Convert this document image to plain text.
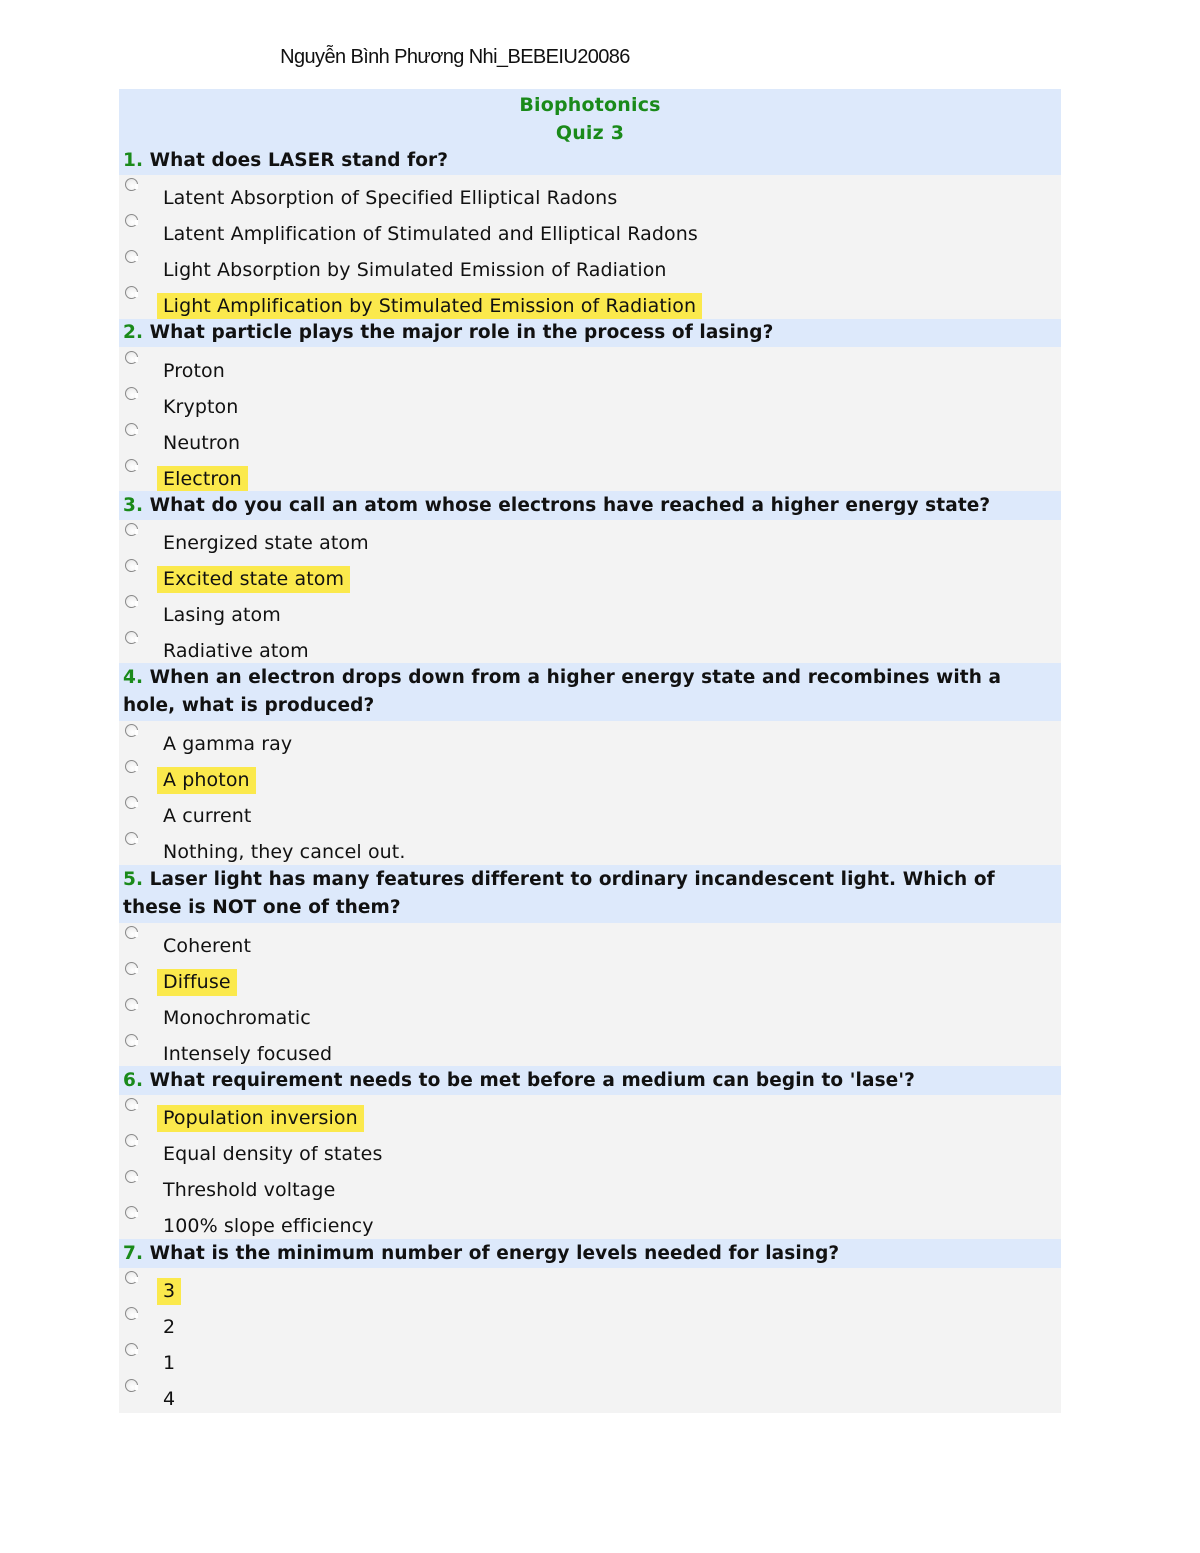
Nguyễn Bình Phương Nhi_BEBEIU20086
Biophotonics
Quiz 3
1. What does LASER stand for?
Latent Absorption of Specified Elliptical Radons
Latent Amplification of Stimulated and Elliptical Radons
Light Absorption by Simulated Emission of Radiation
Light Amplification by Stimulated Emission of Radiation
2. What particle plays the major role in the process of lasing?
Proton
Krypton
Neutron
Electron
3. What do you call an atom whose electrons have reached a higher energy state?
Energized state atom
Excited state atom
Lasing atom
Radiative atom
4. When an electron drops down from a higher energy state and recombines with a hole, what is produced?
A gamma ray
A photon
A current
Nothing, they cancel out.
5. Laser light has many features different to ordinary incandescent light. Which of these is NOT one of them?
Coherent
Diffuse
Monochromatic
Intensely focused
6. What requirement needs to be met before a medium can begin to 'lase'?
Population inversion
Equal density of states
Threshold voltage
100% slope efficiency
7. What is the minimum number of energy levels needed for lasing?
3
2
1
4
